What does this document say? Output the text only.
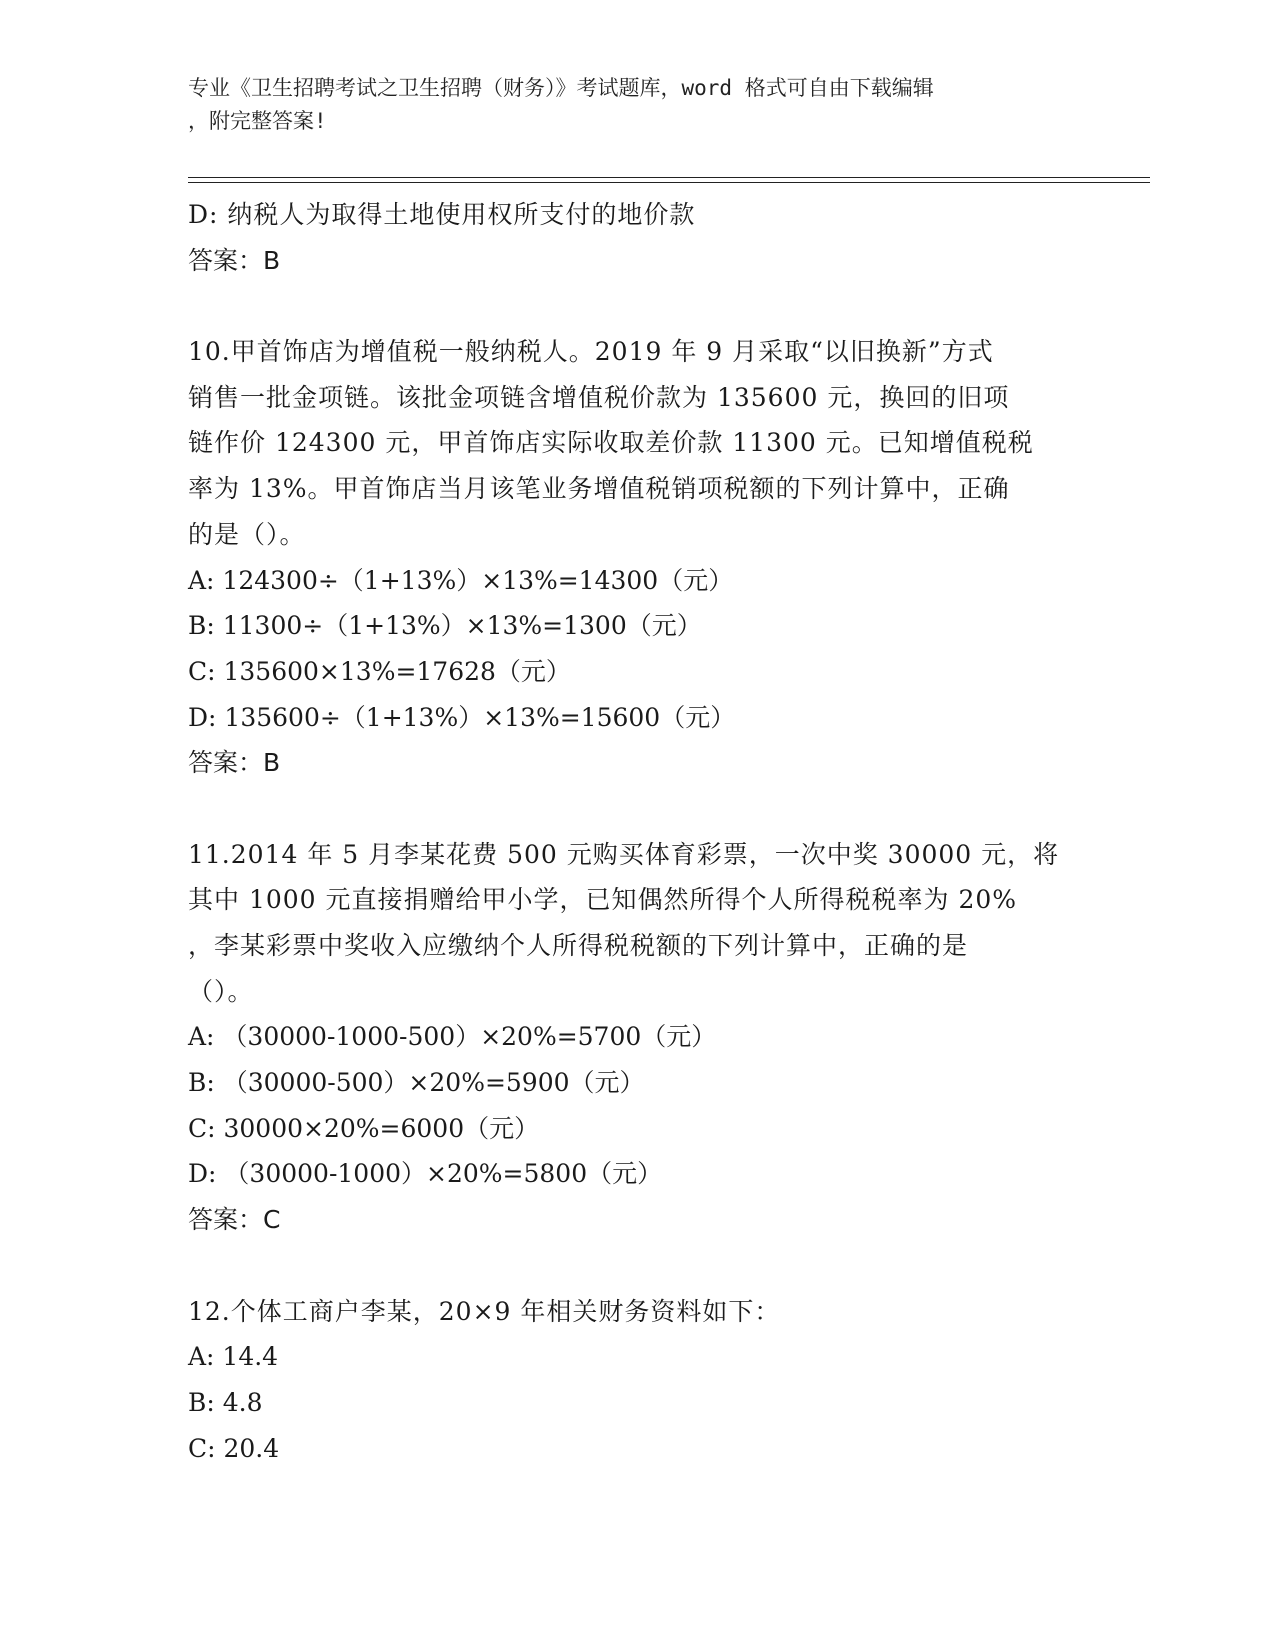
专业《卫生招聘考试之卫生招聘（财务）》考试题库，word 格式可自由下载编辑
，附完整答案!
D: 纳税人为取得土地使用权所支付的地价款
答案：B
10.甲首饰店为增值税一般纳税人。2019 年 9 月采取“以旧换新”方式
销售一批金项链。该批金项链含增值税价款为 135600 元，换回的旧项
链作价 124300 元，甲首饰店实际收取差价款 11300 元。已知增值税税
率为 13%。甲首饰店当月该笔业务增值税销项税额的下列计算中，正确
的是（）。
A: 124300÷（1+13%）×13%=14300（元）
B: 11300÷（1+13%）×13%=1300（元）
C: 135600×13%=17628（元）
D: 135600÷（1+13%）×13%=15600（元）
答案：B
11.2014 年 5 月李某花费 500 元购买体育彩票，一次中奖 30000 元，将
其中 1000 元直接捐赠给甲小学，已知偶然所得个人所得税税率为 20%
，李某彩票中奖收入应缴纳个人所得税税额的下列计算中，正确的是
（）。
A: （30000-1000-500）×20%=5700（元）
B: （30000-500）×20%=5900（元）
C: 30000×20%=6000（元）
D: （30000-1000）×20%=5800（元）
答案：C
12.个体工商户李某，20×9 年相关财务资料如下：
A: 14.4
B: 4.8
C: 20.4
